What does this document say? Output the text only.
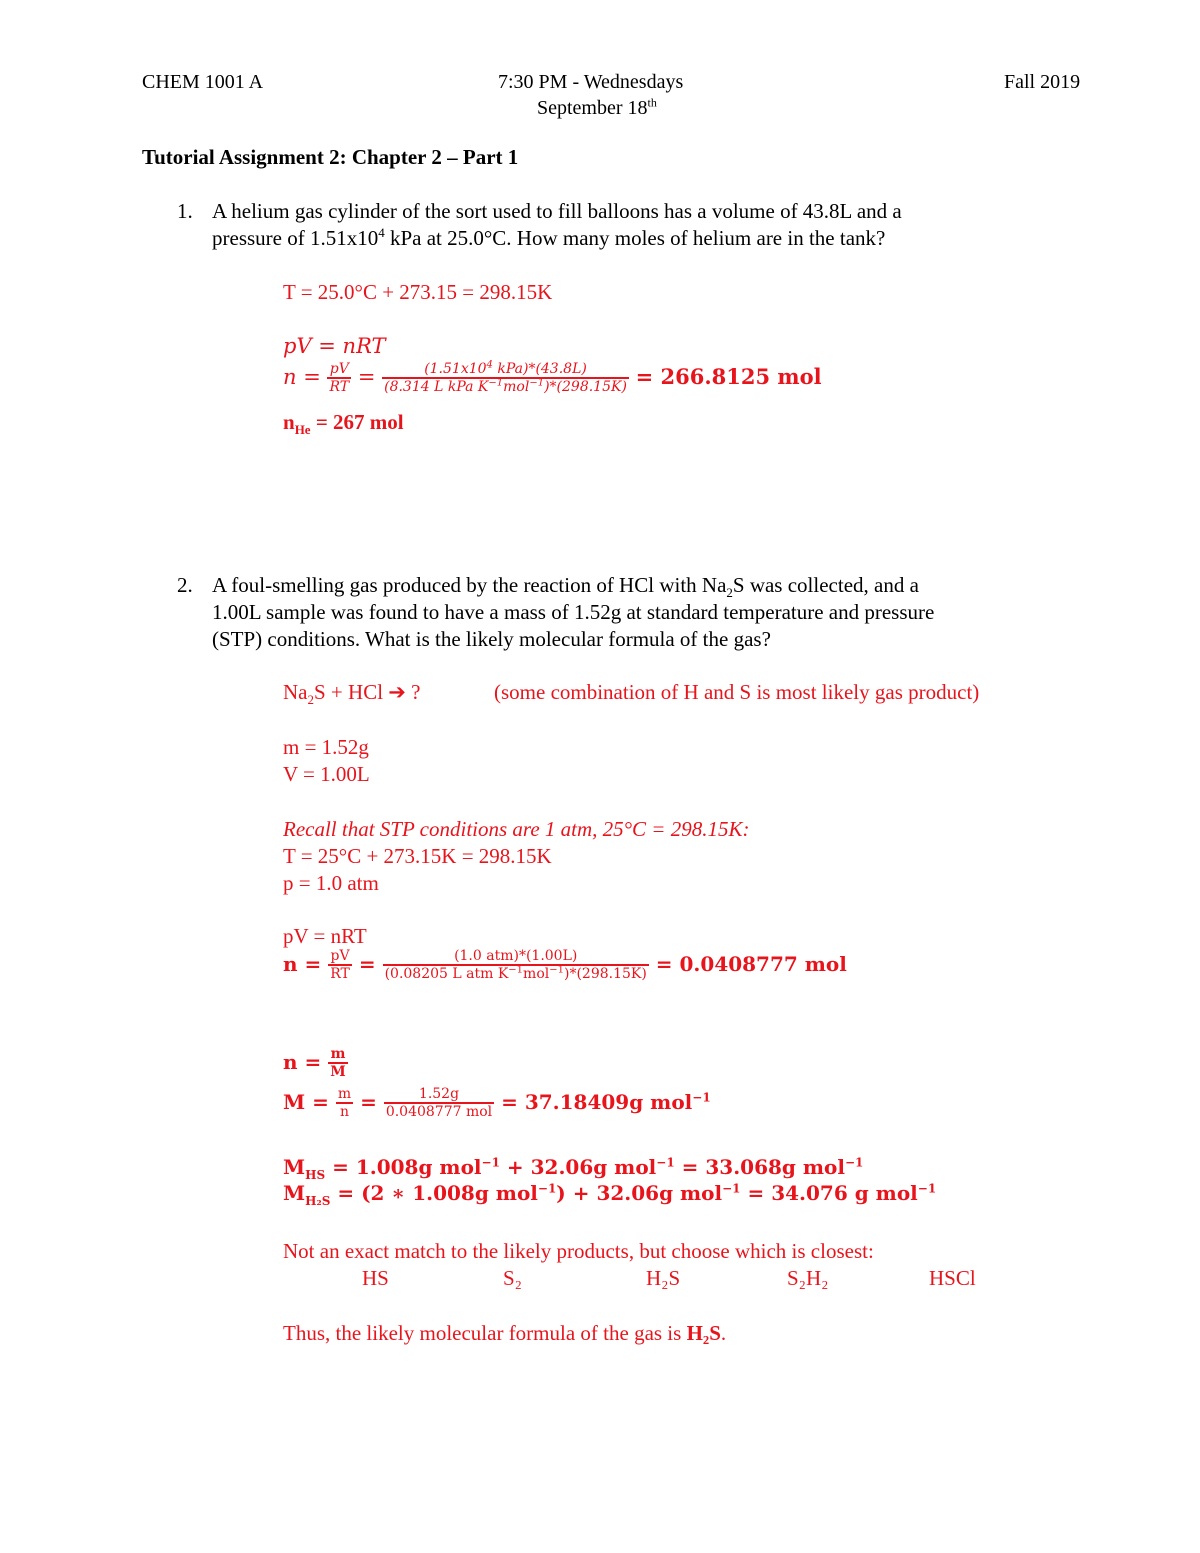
CHEM 1001 A	7:30 PM - Wednesdays	Fall 2019
September 18th
Tutorial Assignment 2: Chapter 2 – Part 1
1. A helium gas cylinder of the sort used to fill balloons has a volume of 43.8L and a
pressure of $1.51x10^4$ kPa at 25.0°C. How many moles of helium are in the tank?
T = 25.0°C + 273.15 = 298.15K
pV = nRT
$n = \frac{pV}{RT} = \frac{(1.51x10^4 kPa)*(43.8L)}{(8.314 L kPa K^{-1}mol^{-1})*(298.15K)} = 266.8125$ mol
$n_{He} = 267$ mol
2. A foul-smelling gas produced by the reaction of HCl with $Na_2S$ was collected, and a
1.00L sample was found to have a mass of 1.52g at standard temperature and pressure
(STP) conditions. What is the likely molecular formula of the gas?
$Na_2S$ + HCl ➔ ?	(some combination of H and S is most likely gas product)
m = 1.52g
V = 1.00L
Recall that STP conditions are 1 atm, 25°C = 298.15K:
T = 25°C + 273.15K = 298.15K
p = 1.0 atm
pV = nRT
$n = \frac{pV}{RT} = \frac{\text{(1.0 atm)*(1.00L)}}{(0.08205 L atm K^{-1}mol^{-1})*(298.15K)} = 0.0408777$ mol
$n = \frac{m}{M}$
$M = \frac{m}{n} = \frac{1.52g}{\text{0.0408777 mol}} = 37.18409g$ mol$^{-1}$
$M_{HS} = 1.008g$ mol$^{-1}$ + 32.06g mol$^{-1}$ = 33.068g mol$^{-1}$
$M_{H_2S} = (2$ ∗ 1.008g mol$^{-1}$) + 32.06g mol$^{-1}$ = 34.076 g mol$^{-1}$
Not an exact match to the likely products, but choose which is closest:
HS	S₂	H₂S	S₂H₂	HSCl
Thus, the likely molecular formula of the gas is H₂S.
